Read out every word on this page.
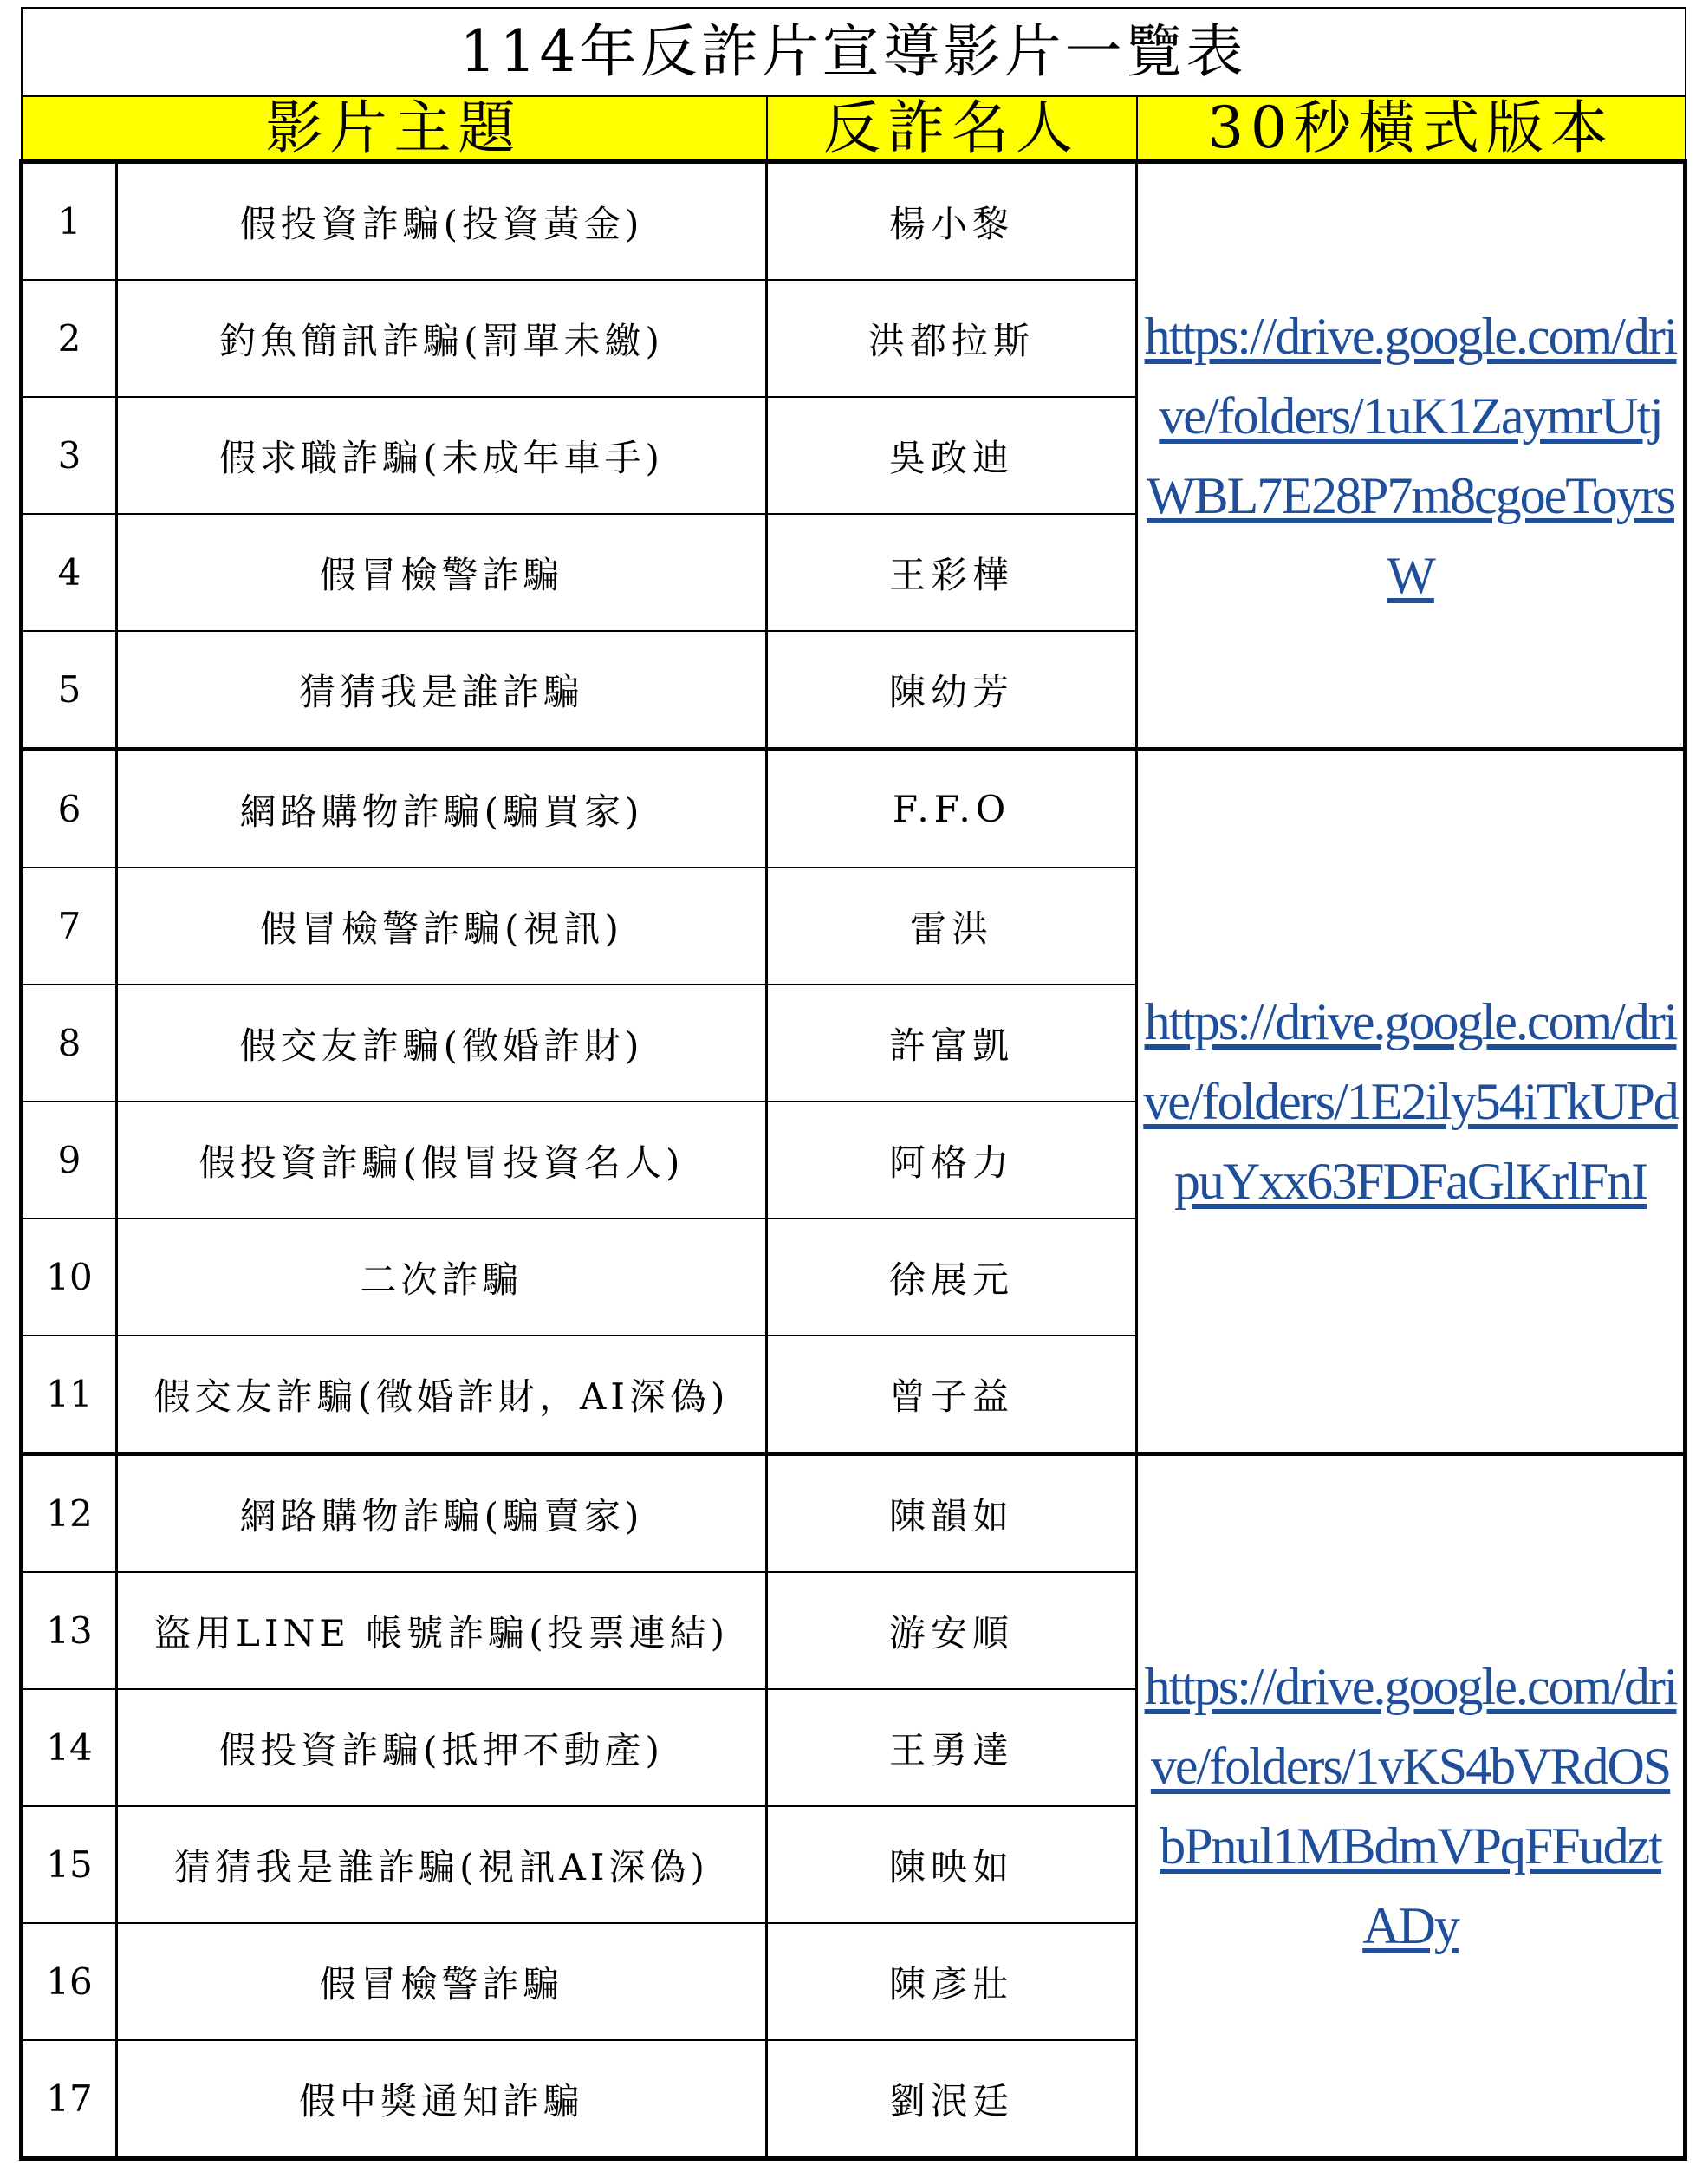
114年反詐片宣導影片一覽表			
影片主題		反詐名人	30秒橫式版本
1	假投資詐騙(投資黃金)	楊小黎	https://drive.google.com/drive/folders/1uK1ZaymrUtjWBL7E28P7m8cgoeToyrsW

2	釣魚簡訊詐騙(罰單未繳)	洪都拉斯	
3	假求職詐騙(未成年車手)	吳政迪	
4	假冒檢警詐騙	王彩樺	
5	猜猜我是誰詐騙	陳幼芳	
6	網路購物詐騙(騙買家)	F.F.O	https://drive.google.com/drive/folders/1E2ily54iTkUPdpuYxx63FDFaGlKrlFnI

7	假冒檢警詐騙(視訊)	雷洪	
8	假交友詐騙(徵婚詐財)	許富凱	
9	假投資詐騙(假冒投資名人)	阿格力	
10	二次詐騙	徐展元	
11	假交友詐騙(徵婚詐財，AI深偽)	曾子益	
12	網路購物詐騙(騙賣家)	陳韻如	https://drive.google.com/drive/folders/1vKS4bVRdOSbPnul1MBdmVPqFFudztADy

13	盜用LINE 帳號詐騙(投票連結)	游安順	
14	假投資詐騙(抵押不動產)	王勇達	
15	猜猜我是誰詐騙(視訊AI深偽)	陳映如	
16	假冒檢警詐騙	陳彥壯	
17	假中獎通知詐騙	劉泯廷	
